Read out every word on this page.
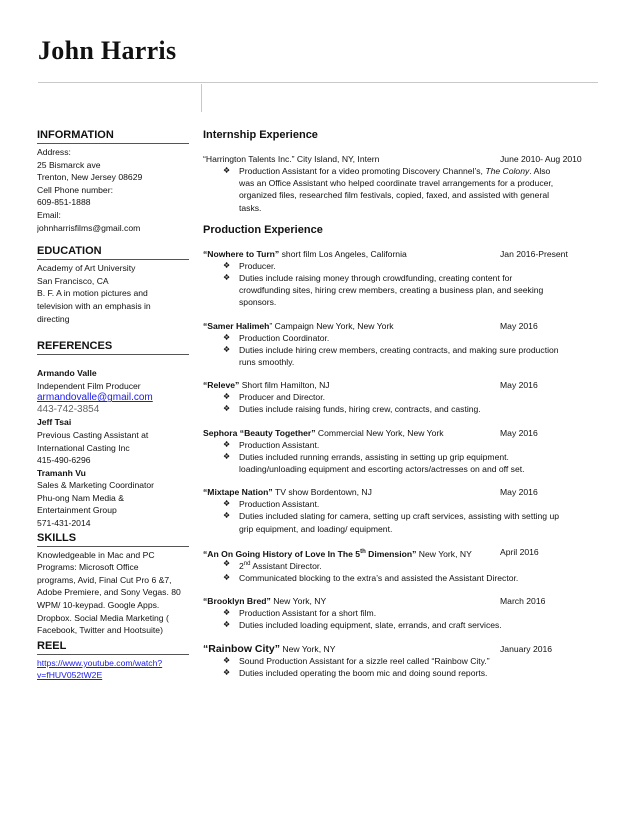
John Harris
INFORMATION
Address:
25 Bismarck ave
Trenton, New Jersey 08629
Cell Phone number:
609-851-1888
Email:
johnharrisfilms@gmail.com
EDUCATION
Academy of Art University
San Francisco, CA
B. F. A in motion pictures and
television with an emphasis in
directing
REFERENCES
Armando Valle
Independent Film Producer
armandovalle@gmail.com
443-742-3854
Jeff Tsai
Previous Casting Assistant at
International Casting Inc
415-490-6296
Tramanh Vu
Sales & Marketing Coordinator
Phu-ong Nam Media &
Entertainment Group
571-431-2014
SKILLS
Knowledgeable in Mac and PC
Programs: Microsoft Office
programs, Avid, Final Cut Pro 6 &7,
Adobe Premiere, and Sony Vegas. 80
WPM/ 10-keypad. Google Apps.
Dropbox. Social Media Marketing (
Facebook, Twitter and Hootsuite)
REEL
https://www.youtube.com/watch?
v=fHUV052tW2E
Internship Experience
“Harrington Talents Inc.” City Island, NY, Intern	June 2010- Aug 2010
❖ Production Assistant for a video promoting Discovery Channel’s, The Colony. Also
was an Office Assistant who helped coordinate travel arrangements for a producer,
organized files, researched film festivals, copied, faxed, and assisted with general
tasks.
Production Experience
“Nowhere to Turn” short film Los Angeles, California	Jan 2016-Present
❖ Producer.
❖ Duties include raising money through crowdfunding, creating content for
crowdfunding sites, hiring crew members, creating a business plan, and seeking
sponsors.
“Samer Halimeh” Campaign New York, New York	May 2016
❖ Production Coordinator.
❖ Duties include hiring crew members, creating contracts, and making sure production
runs smoothly.
“Releve” Short film Hamilton, NJ	May 2016
❖ Producer and Director.
❖ Duties include raising funds, hiring crew, contracts, and casting.
Sephora “Beauty Together” Commercial New York, New York	May 2016
❖ Production Assistant.
❖ Duties included running errands, assisting in setting up grip equipment.
loading/unloading equipment and escorting actors/actresses on and off set.
“Mixtape Nation” TV show Bordentown, NJ	May 2016
❖ Production Assistant.
❖ Duties included slating for camera, setting up craft services, assisting with setting up
grip equipment, and loading/ equipment.
“An On Going History of Love In The 5th Dimension” New York, NY	April 2016
❖ 2nd Assistant Director.
❖ Communicated blocking to the extra’s and assisted the Assistant Director.
“Brooklyn Bred” New York, NY	March 2016
❖ Production Assistant for a short film.
❖ Duties included loading equipment, slate, errands, and craft services.
“Rainbow City” New York, NY	January 2016
❖ Sound Production Assistant for a sizzle reel called “Rainbow City.”
❖ Duties included operating the boom mic and doing sound reports.
